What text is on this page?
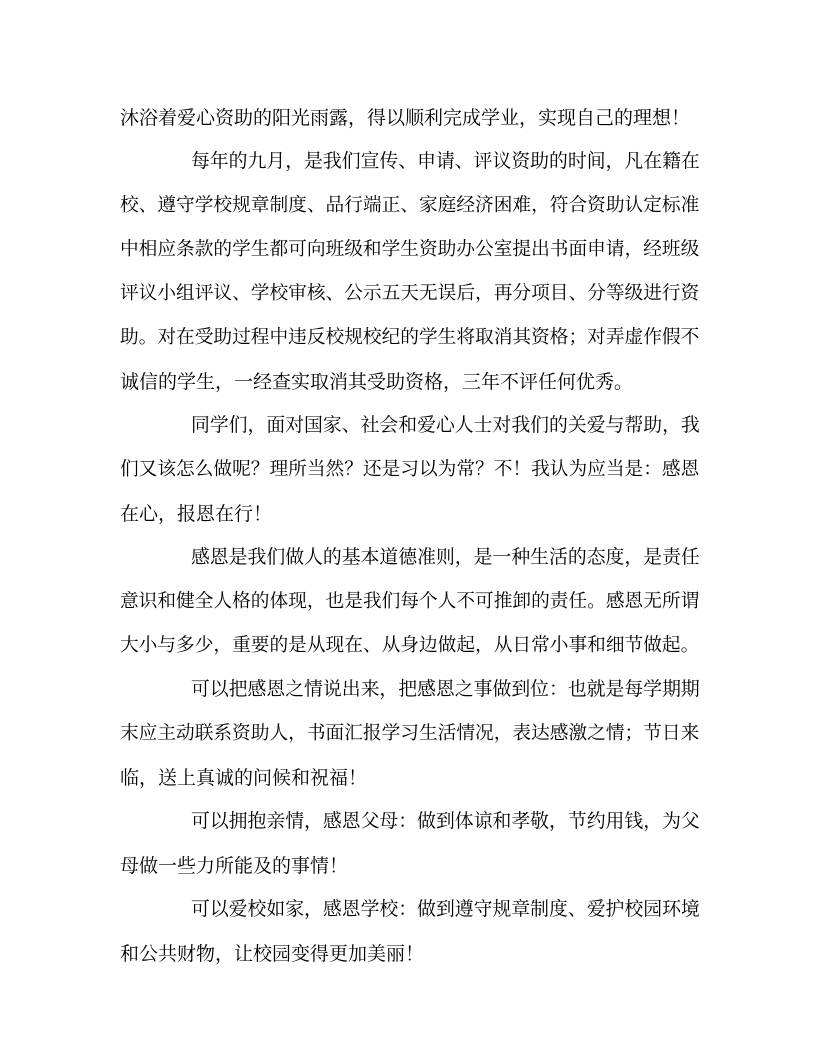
沐浴着爱心资助的阳光雨露，得以顺利完成学业，实现自己的理想！
每年的九月，是我们宣传、申请、评议资助的时间，凡在籍在
校、遵守学校规章制度、品行端正、家庭经济困难，符合资助认定标准
中相应条款的学生都可向班级和学生资助办公室提出书面申请，经班级
评议小组评议、学校审核、公示五天无误后，再分项目、分等级进行资
助。对在受助过程中违反校规校纪的学生将取消其资格；对弄虚作假不
诚信的学生，一经查实取消其受助资格，三年不评任何优秀。
同学们，面对国家、社会和爱心人士对我们的关爱与帮助，我
们又该怎么做呢？理所当然？还是习以为常？不！我认为应当是：感恩
在心，报恩在行！
感恩是我们做人的基本道德准则，是一种生活的态度，是责任
意识和健全人格的体现，也是我们每个人不可推卸的责任。感恩无所谓
大小与多少，重要的是从现在、从身边做起，从日常小事和细节做起。
可以把感恩之情说出来，把感恩之事做到位：也就是每学期期
末应主动联系资助人，书面汇报学习生活情况，表达感激之情；节日来
临，送上真诚的问候和祝福！
可以拥抱亲情，感恩父母：做到体谅和孝敬，节约用钱，为父
母做一些力所能及的事情！
可以爱校如家，感恩学校：做到遵守规章制度、爱护校园环境
和公共财物，让校园变得更加美丽！
